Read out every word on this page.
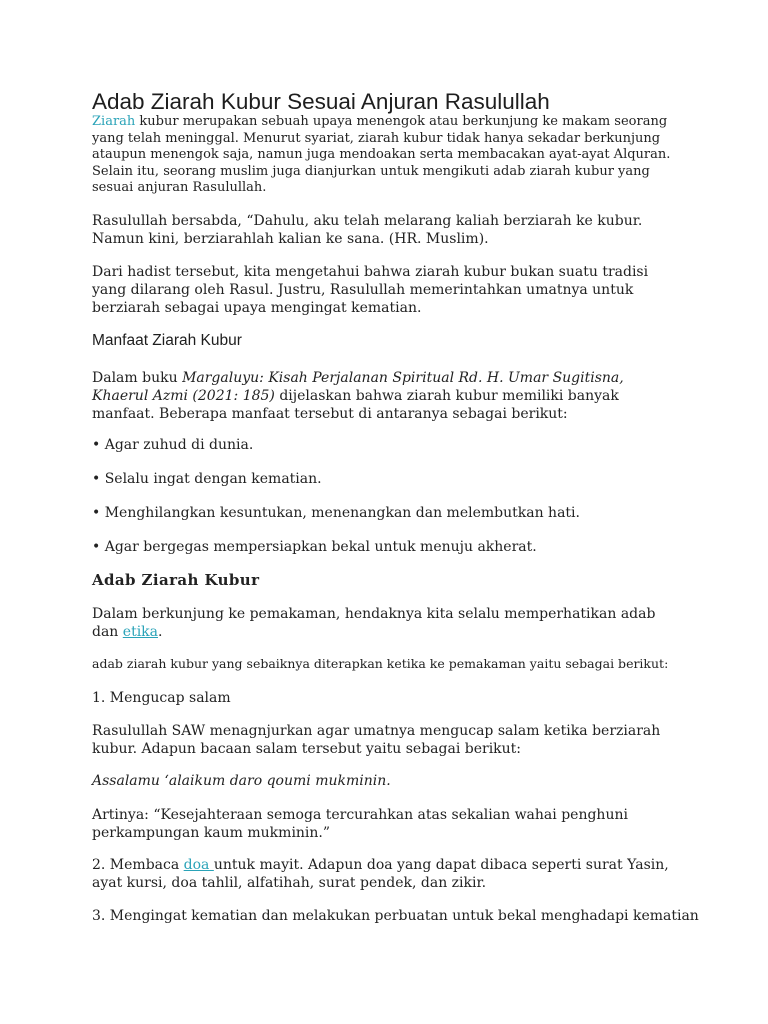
Adab Ziarah Kubur Sesuai Anjuran Rasulullah

Ziarah kubur merupakan sebuah upaya menengok atau berkunjung ke makam seorang yang telah meninggal. Menurut syariat, ziarah kubur tidak hanya sekadar berkunjung ataupun menengok saja, namun juga mendoakan serta membacakan ayat-ayat Alquran. Selain itu, seorang muslim juga dianjurkan untuk mengikuti adab ziarah kubur yang sesuai anjuran Rasulullah.

Rasulullah bersabda, “Dahulu, aku telah melarang kaliah berziarah ke kubur. Namun kini, berziarahlah kalian ke sana. (HR. Muslim).

Dari hadist tersebut, kita mengetahui bahwa ziarah kubur bukan suatu tradisi yang dilarang oleh Rasul. Justru, Rasulullah memerintahkan umatnya untuk berziarah sebagai upaya mengingat kematian.

Manfaat Ziarah Kubur

Dalam buku Margaluyu: Kisah Perjalanan Spiritual Rd. H. Umar Sugitisna, Khaerul Azmi (2021: 185) dijelaskan bahwa ziarah kubur memiliki banyak manfaat. Beberapa manfaat tersebut di antaranya sebagai berikut:

• Agar zuhud di dunia.

• Selalu ingat dengan kematian.

• Menghilangkan kesuntukan, menenangkan dan melembutkan hati.

• Agar bergegas mempersiapkan bekal untuk menuju akherat.

Adab Ziarah Kubur

Dalam berkunjung ke pemakaman, hendaknya kita selalu memperhatikan adab

dan etika.

adab ziarah kubur yang sebaiknya diterapkan ketika ke pemakaman yaitu sebagai berikut:

1. Mengucap salam

Rasulullah SAW menagnjurkan agar umatnya mengucap salam ketika berziarah kubur. Adapun bacaan salam tersebut yaitu sebagai berikut:

Assalamu ‘alaikum daro qoumi mukminin.

Artinya: “Kesejahteraan semoga tercurahkan atas sekalian wahai penghuni perkampungan kaum mukminin.”

2. Membaca doa untuk mayit. Adapun doa yang dapat dibaca seperti surat Yasin, ayat kursi, doa tahlil, alfatihah, surat pendek, dan zikir.

3. Mengingat kematian dan melakukan perbuatan untuk bekal menghadapi kematian
